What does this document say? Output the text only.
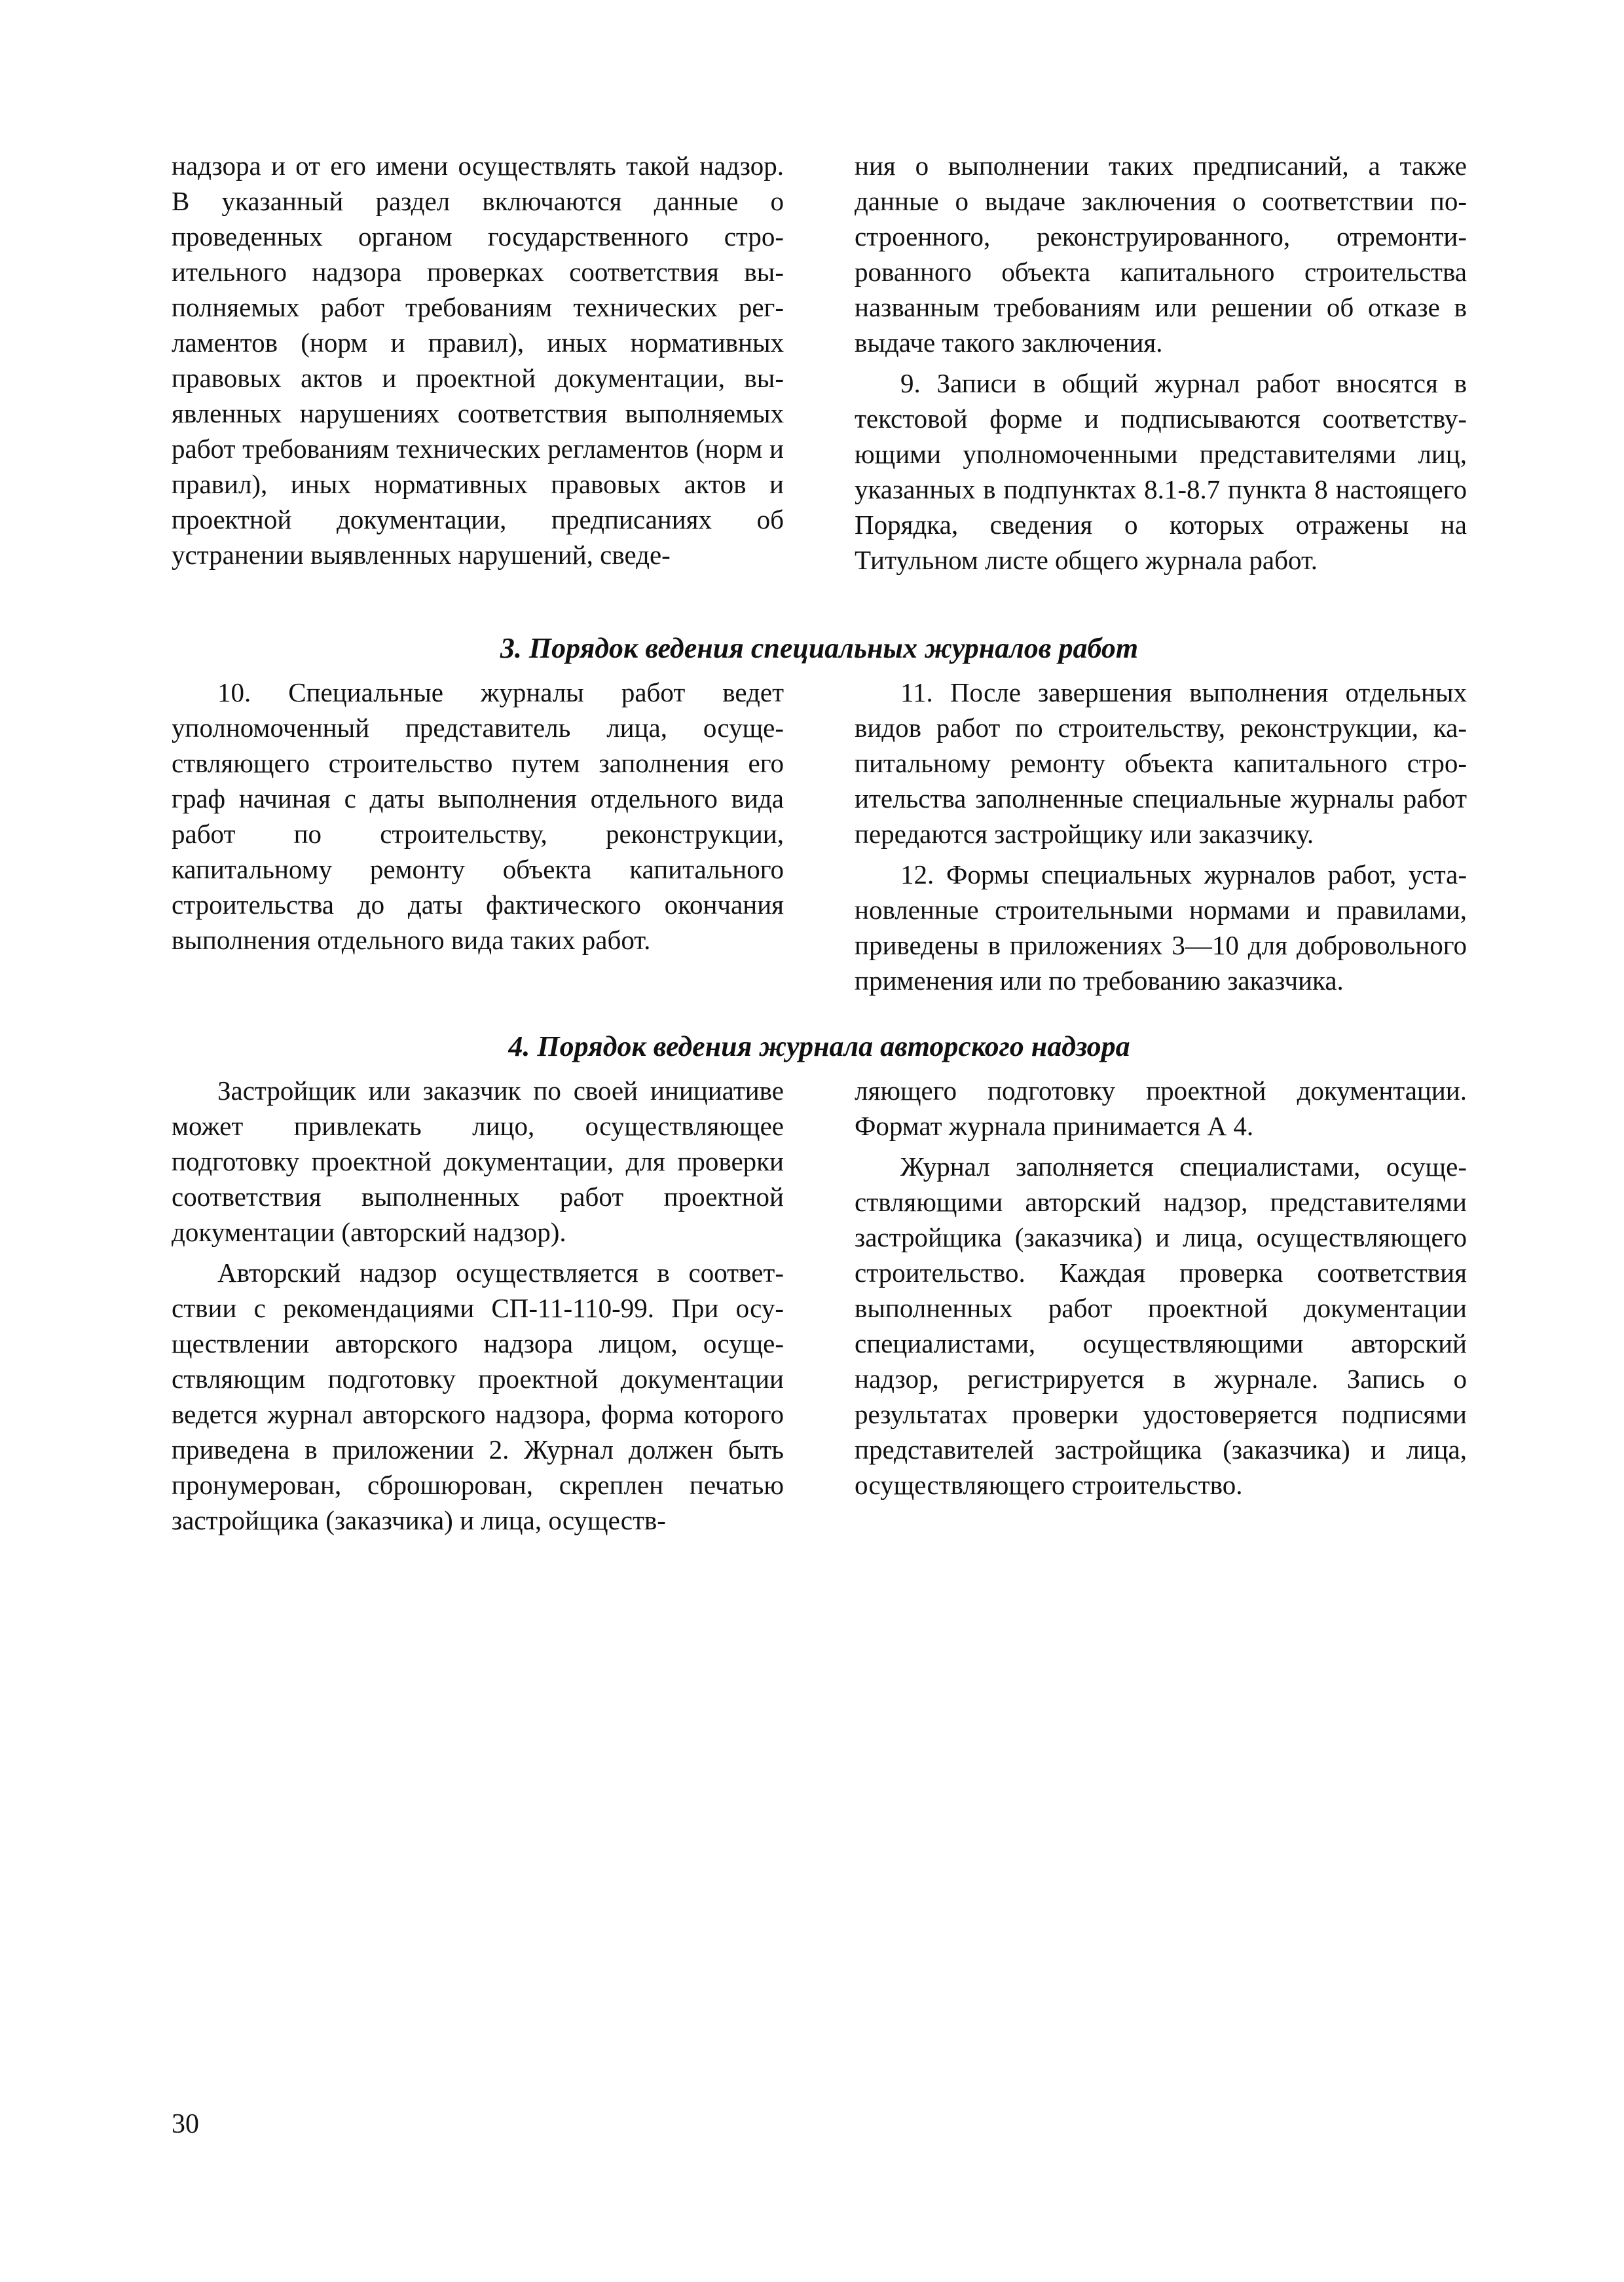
надзора и от его имени осуществлять такой надзор. В указанный раздел включаются данные о проведенных органом государственного строительного надзора проверках соответствия выполняемых работ требованиям технических регламентов (норм и правил), иных нормативных правовых актов и проектной документации, выявленных нарушениях соответствия выполняемых работ требованиям технических регламентов (норм и правил), иных нормативных правовых актов и проектной документации, предписаниях об устранении выявленных нарушений, сведе-

ния о выполнении таких предписаний, а также данные о выдаче заключения о соответствии построенного, реконструированного, отремонтированного объекта капитального строительства названным требованиям или решении об отказе в выдаче такого заключения.

9. Записи в общий журнал работ вносятся в текстовой форме и подписываются соответствующими уполномоченными представителями лиц, указанных в подпунктах 8.1-8.7 пункта 8 настоящего Порядка, сведения о которых отражены на Титульном листе общего журнала работ.

3. Порядок ведения специальных журналов работ

10. Специальные журналы работ ведет уполномоченный представитель лица, осуществляющего строительство путем заполнения его граф начиная с даты выполнения отдельного вида работ по строительству, реконструкции, капитальному ремонту объекта капитального строительства до даты фактического окончания выполнения отдельного вида таких работ.

11. После завершения выполнения отдельных видов работ по строительству, реконструкции, капитальному ремонту объекта капитального строительства заполненные специальные журналы работ передаются застройщику или заказчику.

12. Формы специальных журналов работ, установленные строительными нормами и правилами, приведены в приложениях 3—10 для добровольного применения или по требованию заказчика.

4. Порядок ведения журнала авторского надзора

Застройщик или заказчик по своей инициативе может привлекать лицо, осуществляющее подготовку проектной документации, для проверки соответствия выполненных работ проектной документации (авторский надзор).

Авторский надзор осуществляется в соответствии с рекомендациями СП-11-110-99. При осуществлении авторского надзора лицом, осуществляющим подготовку проектной документации ведется журнал авторского надзора, форма которого приведена в приложении 2. Журнал должен быть пронумерован, сброшюрован, скреплен печатью застройщика (заказчика) и лица, осуществ-

ляющего подготовку проектной документации. Формат журнала принимается А 4.

Журнал заполняется специалистами, осуществляющими авторский надзор, представителями застройщика (заказчика) и лица, осуществляющего строительство. Каждая проверка соответствия выполненных работ проектной документации специалистами, осуществляющими авторский надзор, регистрируется в журнале. Запись о результатах проверки удостоверяется подписями представителей застройщика (заказчика) и лица, осуществляющего строительство.

30
